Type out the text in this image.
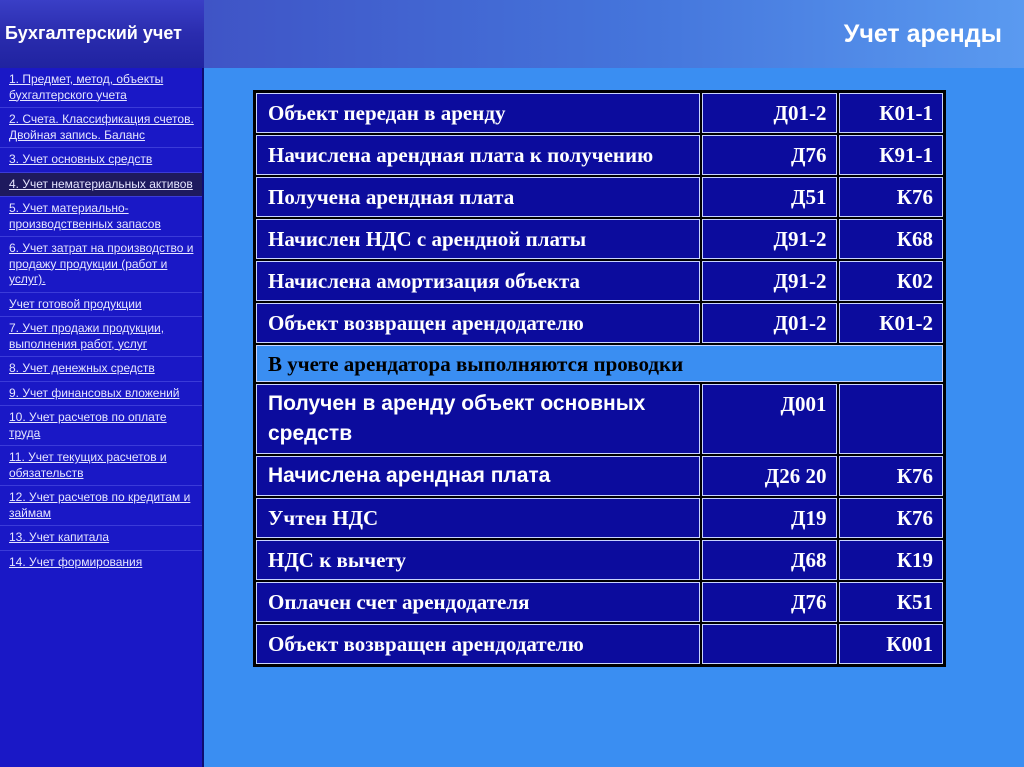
Бухгалтерский учет	Учет аренды
1. Предмет, метод, объекты бухгалтерского учета
2. Счета. Классификация счетов. Двойная запись. Баланс
3. Учет основных средств
4. Учет нематериальных активов
5. Учет материально-производственных запасов
6. Учет затрат на производство и продажу продукции (работ и услуг).
Учет готовой продукции
7. Учет продажи продукции, выполнения работ, услуг
8. Учет денежных средств
9. Учет финансовых вложений
10. Учет расчетов по оплате труда
11. Учет текущих расчетов и обязательств
12. Учет расчетов по кредитам и займам
13. Учет капитала
14. Учет формирования
Объект передан в аренду	Д01-2	К01-1
Начислена арендная плата к получению	Д76	К91-1
Получена арендная плата	Д51	К76
Начислен НДС с арендной платы	Д91-2	К68
Начислена амортизация объекта	Д91-2	К02
Объект возвращен арендодателю	Д01-2	К01-2
В учете арендатора выполняются проводки		
Получен в аренду объект основных средств	Д001	
Начислена арендная плата	Д26 20	К76
Учтен НДС	Д19	К76
НДС к вычету	Д68	К19
Оплачен счет арендодателя	Д76	К51
Объект возвращен арендодателю		К001
